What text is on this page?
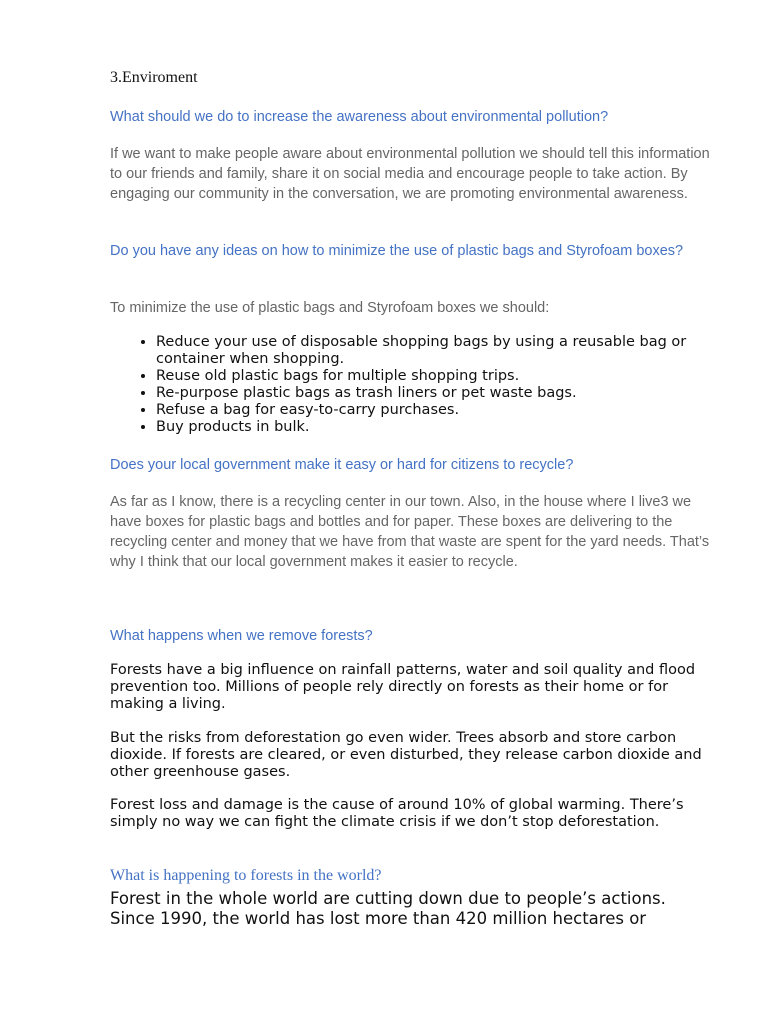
3.Enviroment

What should we do to increase the awareness about environmental pollution?

If we want to make people aware about environmental pollution we should tell this information to our friends and family, share it on social media and encourage people to take action. By engaging our community in the conversation, we are promoting environmental awareness.

Do you have any ideas on how to minimize the use of plastic bags and Styrofoam boxes?

To minimize the use of plastic bags and Styrofoam boxes we should:

• Reduce your use of disposable shopping bags by using a reusable bag or container when shopping.
• Reuse old plastic bags for multiple shopping trips.
• Re-purpose plastic bags as trash liners or pet waste bags.
• Refuse a bag for easy-to-carry purchases.
• Buy products in bulk.

Does your local government make it easy or hard for citizens to recycle?

As far as I know, there is a recycling center in our town. Also, in the house where I live3 we have boxes for plastic bags and bottles and for paper. These boxes are delivering to the recycling center and money that we have from that waste are spent for the yard needs. That’s why I think that our local government makes it easier to recycle.

What happens when we remove forests?

Forests have a big influence on rainfall patterns, water and soil quality and flood prevention too. Millions of people rely directly on forests as their home or for making a living.

But the risks from deforestation go even wider. Trees absorb and store carbon dioxide. If forests are cleared, or even disturbed, they release carbon dioxide and other greenhouse gases.

Forest loss and damage is the cause of around 10% of global warming. There’s simply no way we can fight the climate crisis if we don’t stop deforestation.

What is happening to forests in the world?

Forest in the whole world are cutting down due to people’s actions. Since 1990, the world has lost more than 420 million hectares or
